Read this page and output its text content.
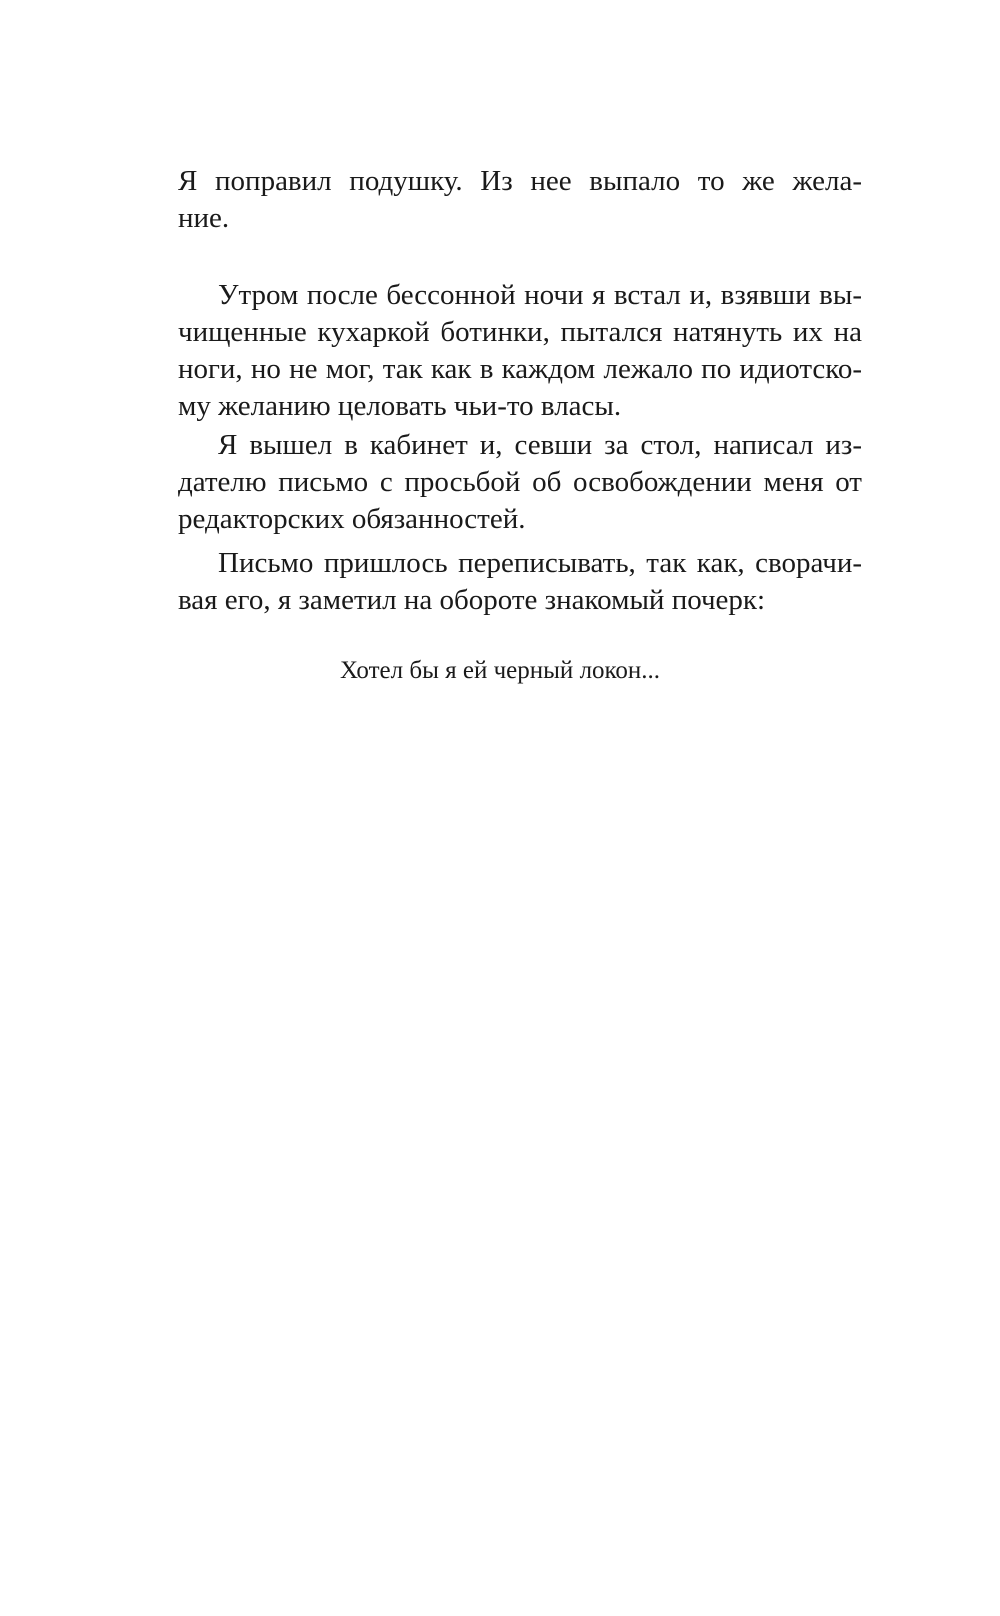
Я поправил подушку. Из нее выпало то же жела-
ние.
Утром после бессонной ночи я встал и, взявши вы-
чищенные кухаркой ботинки, пытался натянуть их на
ноги, но не мог, так как в каждом лежало по идиотско-
му желанию целовать чьи-то власы.
Я вышел в кабинет и, севши за стол, написал из-
дателю письмо с просьбой об освобождении меня от
редакторских обязанностей.
Письмо пришлось переписывать, так как, сворачи-
вая его, я заметил на обороте знакомый почерк:
Хотел бы я ей черный локон...
